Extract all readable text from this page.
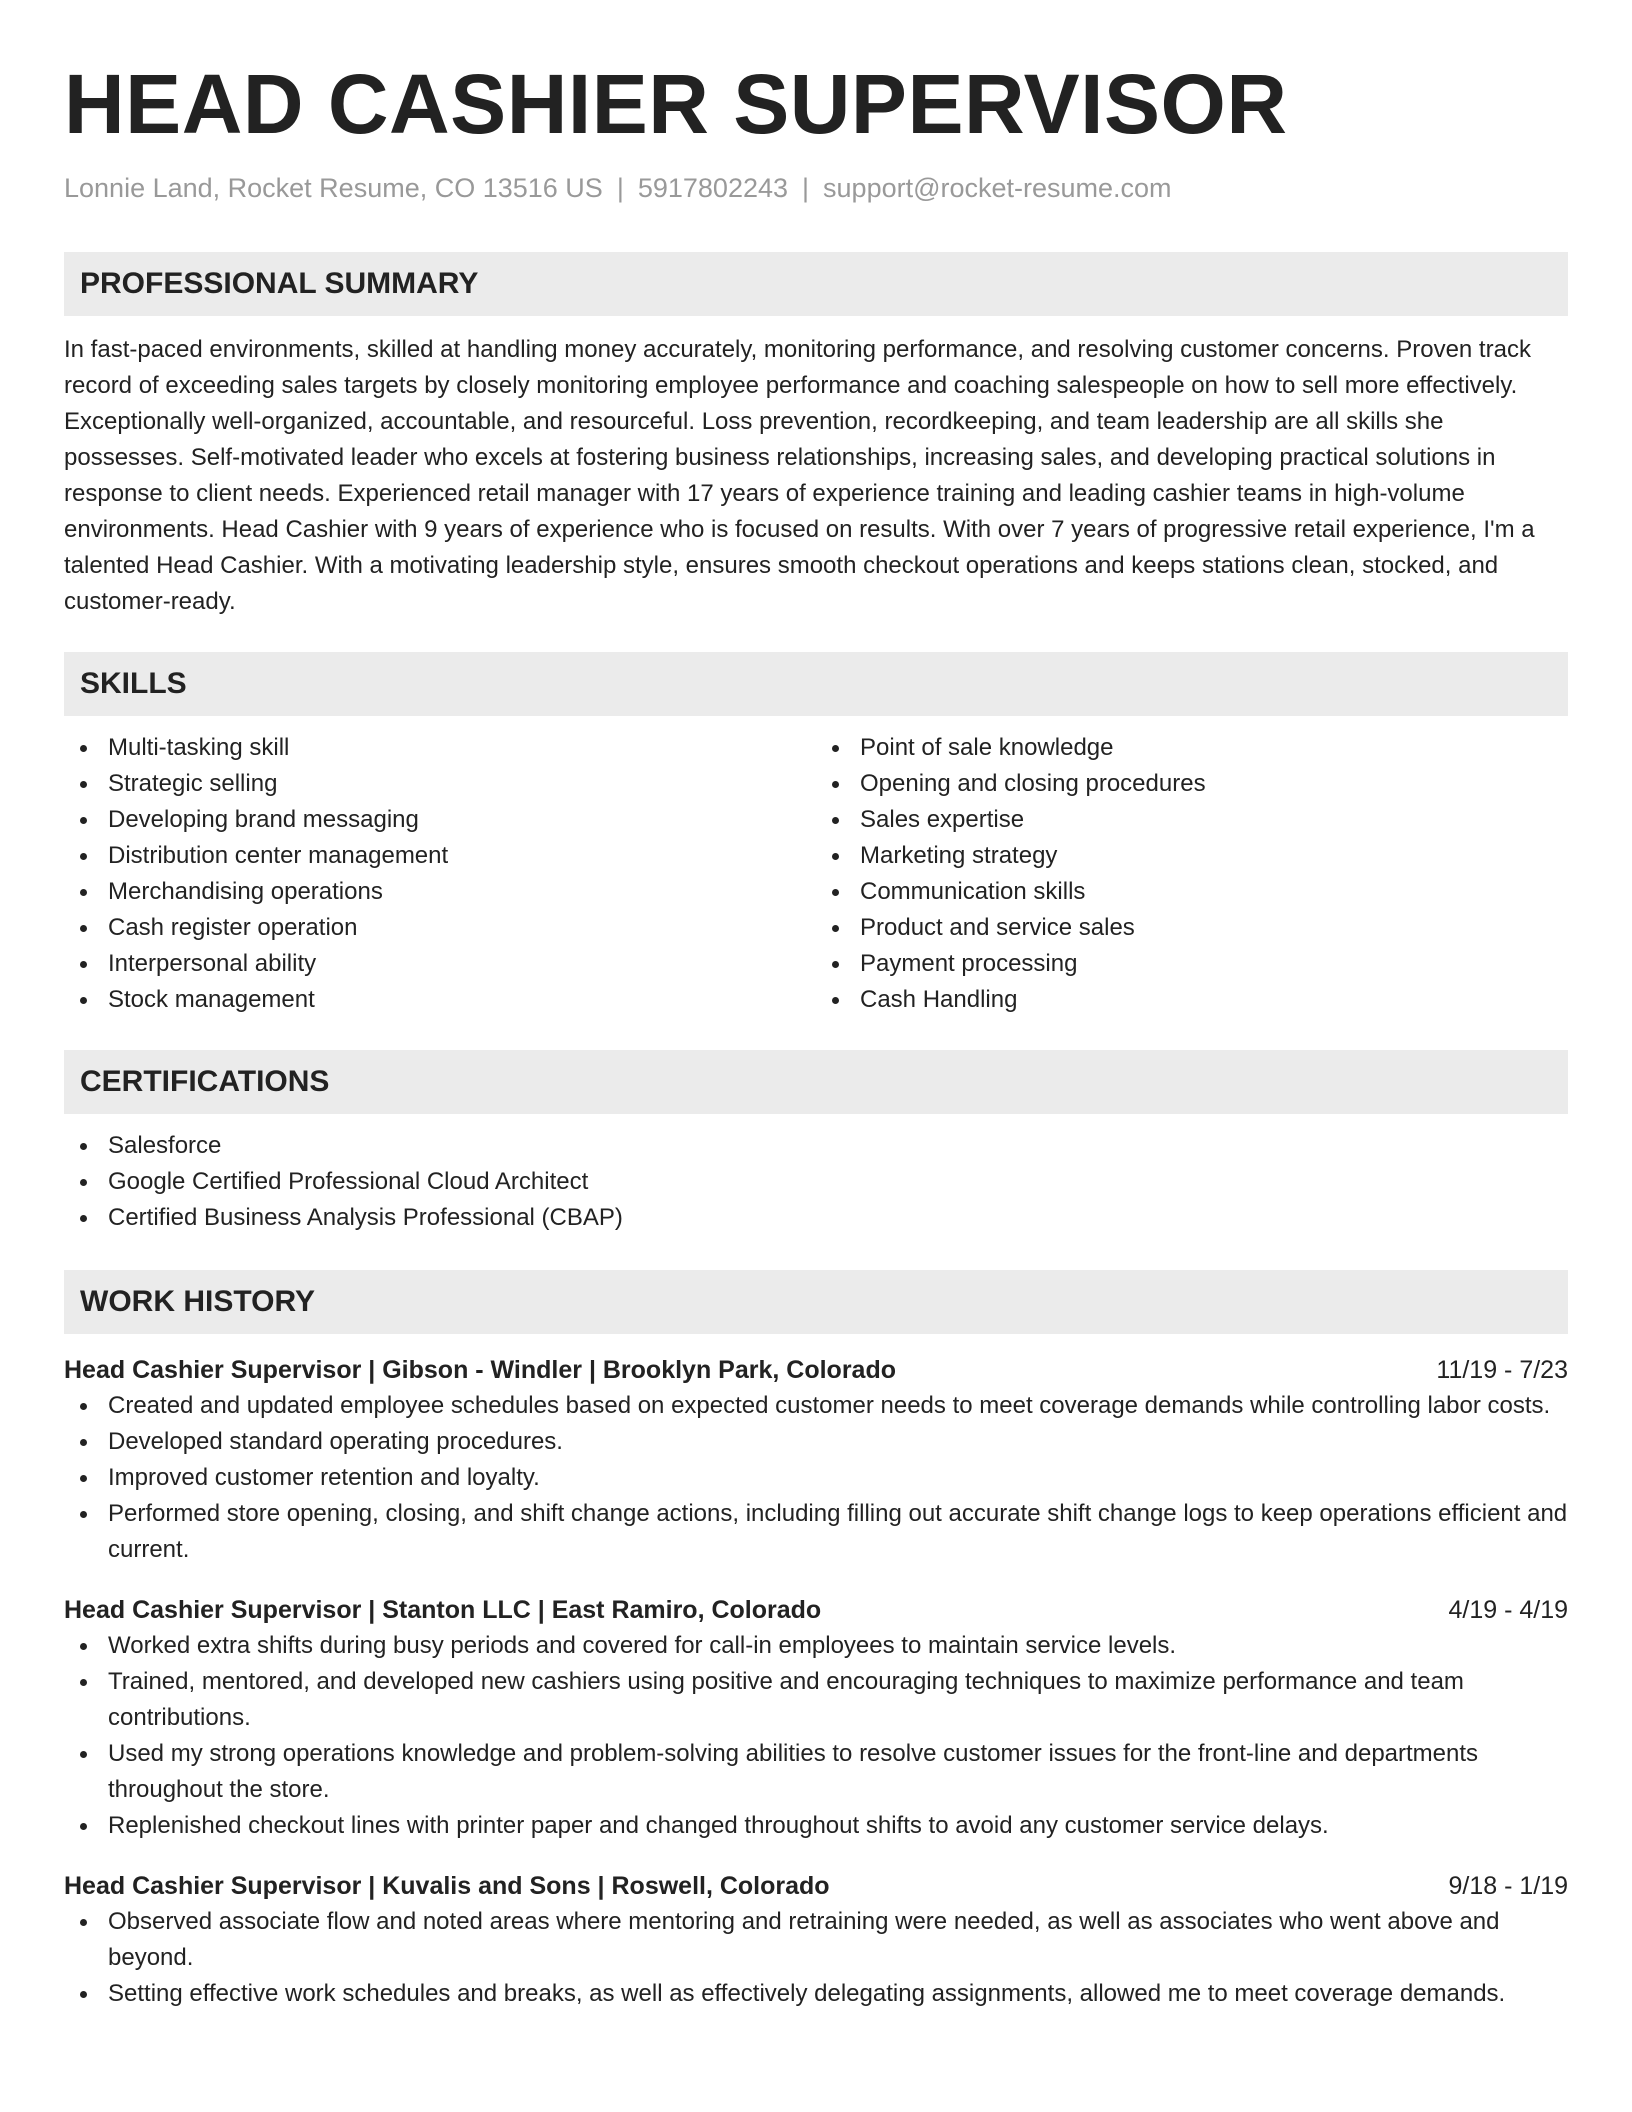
HEAD CASHIER SUPERVISOR
Lonnie Land, Rocket Resume, CO 13516 US | 5917802243 | support@rocket-resume.com
PROFESSIONAL SUMMARY
In fast-paced environments, skilled at handling money accurately, monitoring performance, and resolving customer concerns. Proven track record of exceeding sales targets by closely monitoring employee performance and coaching salespeople on how to sell more effectively. Exceptionally well-organized, accountable, and resourceful. Loss prevention, recordkeeping, and team leadership are all skills she possesses. Self-motivated leader who excels at fostering business relationships, increasing sales, and developing practical solutions in response to client needs. Experienced retail manager with 17 years of experience training and leading cashier teams in high-volume environments. Head Cashier with 9 years of experience who is focused on results. With over 7 years of progressive retail experience, I'm a talented Head Cashier. With a motivating leadership style, ensures smooth checkout operations and keeps stations clean, stocked, and customer-ready.
SKILLS
Multi-tasking skill
Strategic selling
Developing brand messaging
Distribution center management
Merchandising operations
Cash register operation
Interpersonal ability
Stock management
Point of sale knowledge
Opening and closing procedures
Sales expertise
Marketing strategy
Communication skills
Product and service sales
Payment processing
Cash Handling
CERTIFICATIONS
Salesforce
Google Certified Professional Cloud Architect
Certified Business Analysis Professional (CBAP)
WORK HISTORY
Head Cashier Supervisor | Gibson - Windler | Brooklyn Park, Colorado	11/19 - 7/23
Created and updated employee schedules based on expected customer needs to meet coverage demands while controlling labor costs.
Developed standard operating procedures.
Improved customer retention and loyalty.
Performed store opening, closing, and shift change actions, including filling out accurate shift change logs to keep operations efficient and current.
Head Cashier Supervisor | Stanton LLC | East Ramiro, Colorado	4/19 - 4/19
Worked extra shifts during busy periods and covered for call-in employees to maintain service levels.
Trained, mentored, and developed new cashiers using positive and encouraging techniques to maximize performance and team contributions.
Used my strong operations knowledge and problem-solving abilities to resolve customer issues for the front-line and departments throughout the store.
Replenished checkout lines with printer paper and changed throughout shifts to avoid any customer service delays.
Head Cashier Supervisor | Kuvalis and Sons | Roswell, Colorado	9/18 - 1/19
Observed associate flow and noted areas where mentoring and retraining were needed, as well as associates who went above and beyond.
Setting effective work schedules and breaks, as well as effectively delegating assignments, allowed me to meet coverage demands.
